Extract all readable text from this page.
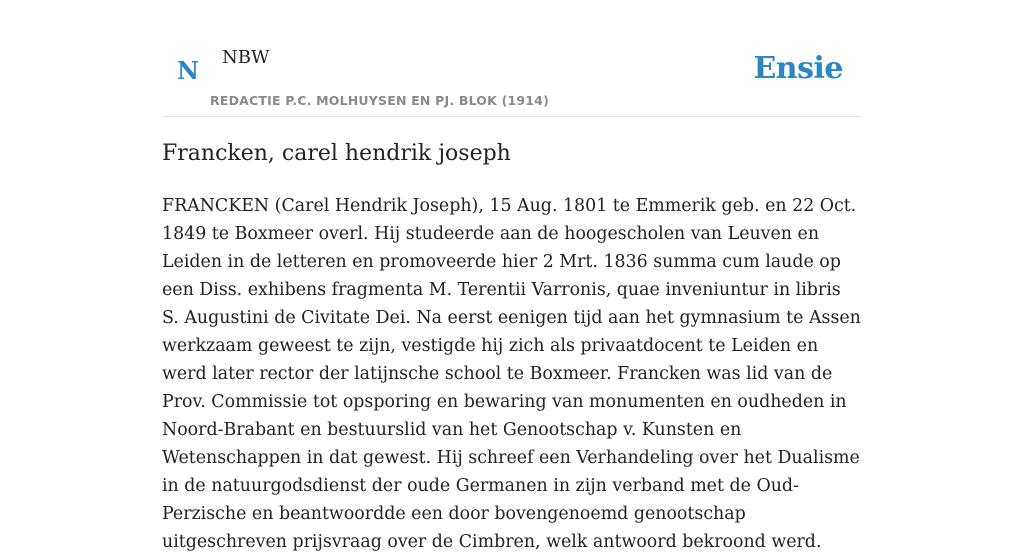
N NBW
REDACTIE P.C. MOLHUYSEN EN PJ. BLOK (1914)
Ensie
Francken, carel hendrik joseph

FRANCKEN (Carel Hendrik Joseph), 15 Aug. 1801 te Emmerik geb. en 22 Oct. 1849 te Boxmeer overl. Hij studeerde aan de hoogescholen van Leuven en Leiden in de letteren en promoveerde hier 2 Mrt. 1836 summa cum laude op een Diss. exhibens fragmenta M. Terentii Varronis, quae inveniuntur in libris S. Augustini de Civitate Dei. Na eerst eenigen tijd aan het gymnasium te Assen werkzaam geweest te zijn, vestigde hij zich als privaatdocent te Leiden en werd later rector der latijnsche school te Boxmeer. Francken was lid van de Prov. Commissie tot opsporing en bewaring van monumenten en oudheden in Noord-Brabant en bestuurslid van het Genootschap v. Kunsten en Wetenschappen in dat gewest. Hij schreef een Verhandeling over het Dualisme in de natuurgodsdienst der oude Germanen in zijn verband met de Oud-Perzische en beantwoordde een door bovengenoemd genootschap uitgeschreven prijsvraag over de Cimbren, welk antwoord bekroond werd.
